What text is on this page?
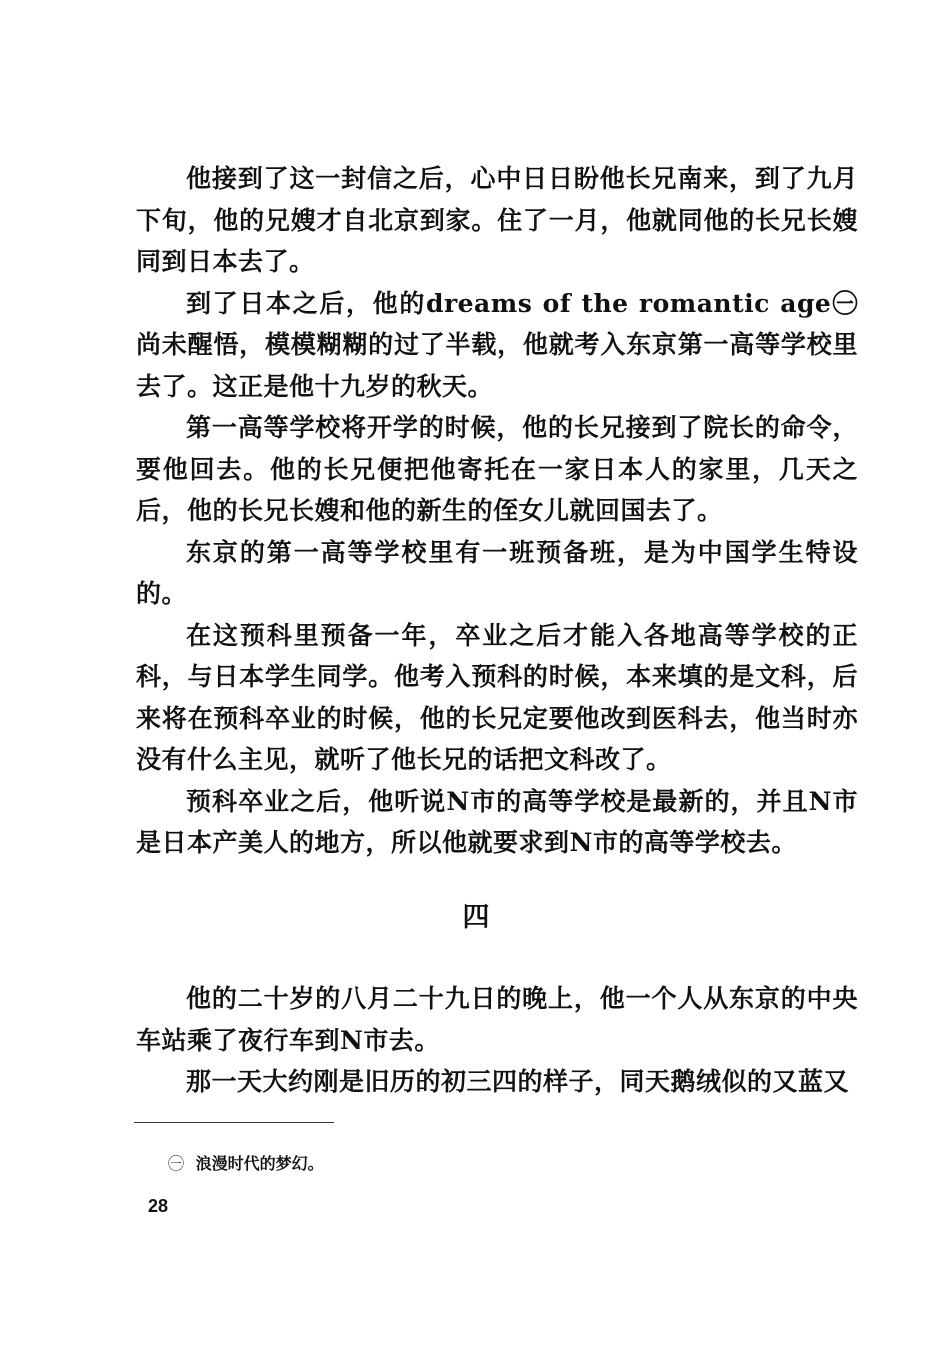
他接到了这一封信之后，心中日日盼他长兄南来，到了九月下旬，他的兄嫂才自北京到家。住了一月，他就同他的长兄长嫂同到日本去了。

到了日本之后，他的dreams of the romantic age㊀尚未醒悟，模模糊糊的过了半载，他就考入东京第一高等学校里去了。这正是他十九岁的秋天。

第一高等学校将开学的时候，他的长兄接到了院长的命令，要他回去。他的长兄便把他寄托在一家日本人的家里，几天之后，他的长兄长嫂和他的新生的侄女儿就回国去了。

东京的第一高等学校里有一班预备班，是为中国学生特设的。

在这预科里预备一年，卒业之后才能入各地高等学校的正科，与日本学生同学。他考入预科的时候，本来填的是文科，后来将在预科卒业的时候，他的长兄定要他改到医科去，他当时亦没有什么主见，就听了他长兄的话把文科改了。

预科卒业之后，他听说N市的高等学校是最新的，并且N市是日本产美人的地方，所以他就要求到N市的高等学校去。

四

他的二十岁的八月二十九日的晚上，他一个人从东京的中央车站乘了夜行车到N市去。

那一天大约刚是旧历的初三四的样子，同天鹅绒似的又蓝又

㊀ 浪漫时代的梦幻。
28
